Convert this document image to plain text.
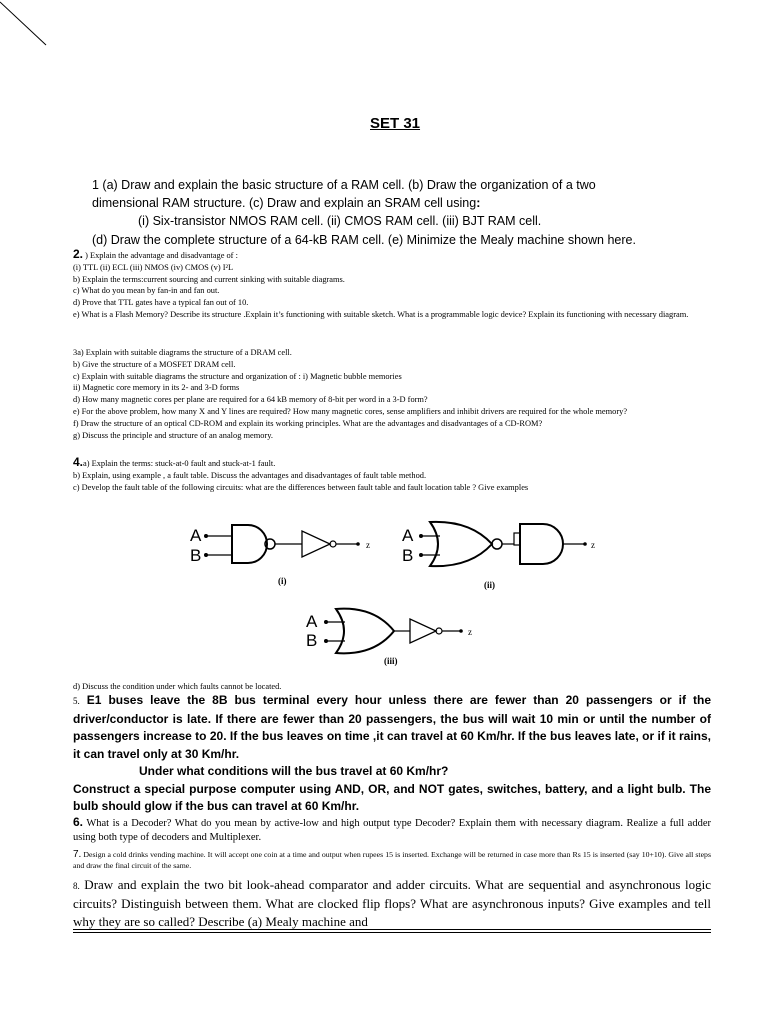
SET 31
1 (a) Draw and explain the basic structure of a RAM cell. (b) Draw the organization of a two
dimensional RAM structure. (c) Draw and explain an SRAM cell using:
(i) Six-transistor NMOS RAM cell. (ii) CMOS RAM cell. (iii) BJT RAM cell.
(d) Draw the complete structure of a 64-kB RAM cell. (e) Minimize the Mealy machine shown here.

2. ) Explain the advantage and disadvantage of :

(i) TTL (ii) ECL (iii) NMOS (iv) CMOS (v) I²L

b) Explain the terms:current sourcing and current sinking with suitable diagrams.

c) What do you mean by fan-in and fan out.

d) Prove that TTL gates have a typical fan out of 10.

e) What is a Flash Memory? Describe its structure .Explain it’s functioning with suitable sketch. What is a programmable logic device? Explain its functioning with necessary diagram.

3a) Explain with suitable diagrams the structure of a DRAM cell.

b) Give the structure of a MOSFET DRAM cell.

c) Explain with suitable diagrams the structure and organization of : i) Magnetic bubble memories

ii) Magnetic core memory in its 2- and 3-D forms

d) How many magnetic cores per plane are required for a 64 kB memory of 8-bit per word in a 3-D form?

e) For the above problem, how many X and Y lines are required? How many magnetic cores, sense amplifiers and inhibit drivers are required for the whole memory?

f) Draw the structure of an optical CD-ROM and explain its working principles. What are the advantages and disadvantages of a CD-ROM?

g) Discuss the principle and structure of an analog memory.

4.a) Explain the terms: stuck-at-0 fault and stuck-at-1 fault.

b) Explain, using example , a fault table. Discuss the advantages and disadvantages of fault table method.

c) Develop the fault table of the following circuits: what are the differences between fault table and fault location table ? Give examples

A
B
z
(i)
A
B
z
(ii)
A
B	z
(iii)

d) Discuss the condition under which faults cannot be located.

5. E1 buses leave the 8B bus terminal every hour unless there are fewer than 20 passengers or if the driver/conductor is late. If there are fewer than 20 passengers, the bus will wait 10 min or until the number of passengers increase to 20. If the bus leaves on time ,it can travel at 60 Km/hr. If the bus leaves late, or if it rains, it can travel only at 30 Km/hr.

Under what conditions will the bus travel at 60 Km/hr?

Construct a special purpose computer using AND, OR, and NOT gates, switches, battery, and a light bulb. The bulb should glow if the bus can travel at 60 Km/hr.

6. What is a Decoder? What do you mean by active-low and high output type Decoder? Explain them with necessary diagram. Realize a full adder using both type of decoders and Multiplexer.
7. Design a cold drinks vending machine. It will accept one coin at a time and output when rupees 15 is inserted. Exchange will be returned in case more than Rs 15 is inserted (say 10+10). Give all steps and draw the final circuit of the same.
8. Draw and explain the two bit look-ahead comparator and adder circuits. What are sequential and asynchronous logic circuits? Distinguish between them. What are clocked flip flops? What are asynchronous inputs? Give examples and tell why they are so called? Describe (a) Mealy machine and
